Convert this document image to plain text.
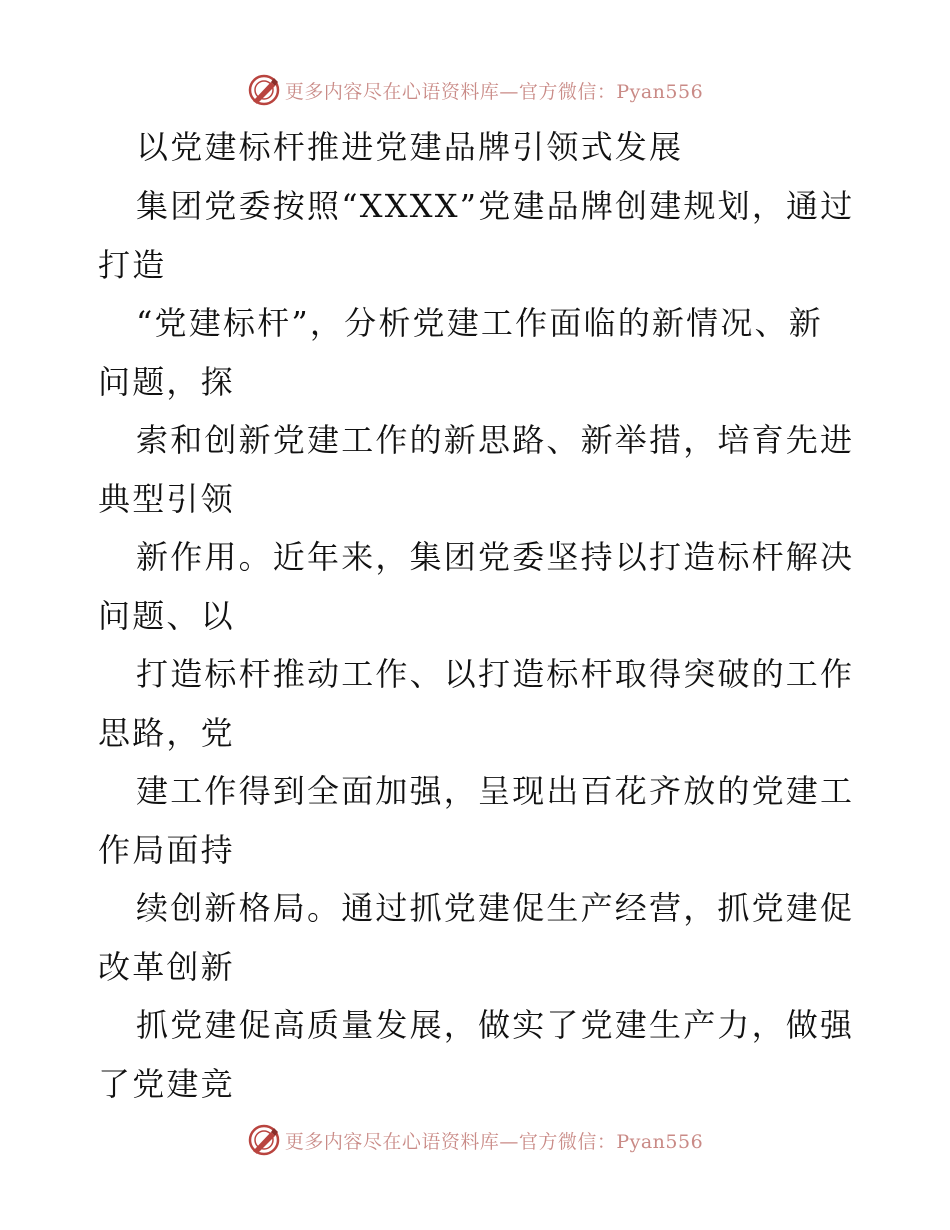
更多内容尽在心语资料库—官方微信：Pyan556
以党建标杆推进党建品牌引领式发展
集团党委按照“XXXX”党建品牌创建规划，通过
打造
“党建标杆”，分析党建工作面临的新情况、新
问题，探
索和创新党建工作的新思路、新举措，培育先进
典型引领
新作用。近年来，集团党委坚持以打造标杆解决
问题、以
打造标杆推动工作、以打造标杆取得突破的工作
思路，党
建工作得到全面加强，呈现出百花齐放的党建工
作局面持
续创新格局。通过抓党建促生产经营，抓党建促
改革创新
抓党建促高质量发展，做实了党建生产力，做强
了党建竞
更多内容尽在心语资料库—官方微信：Pyan556
